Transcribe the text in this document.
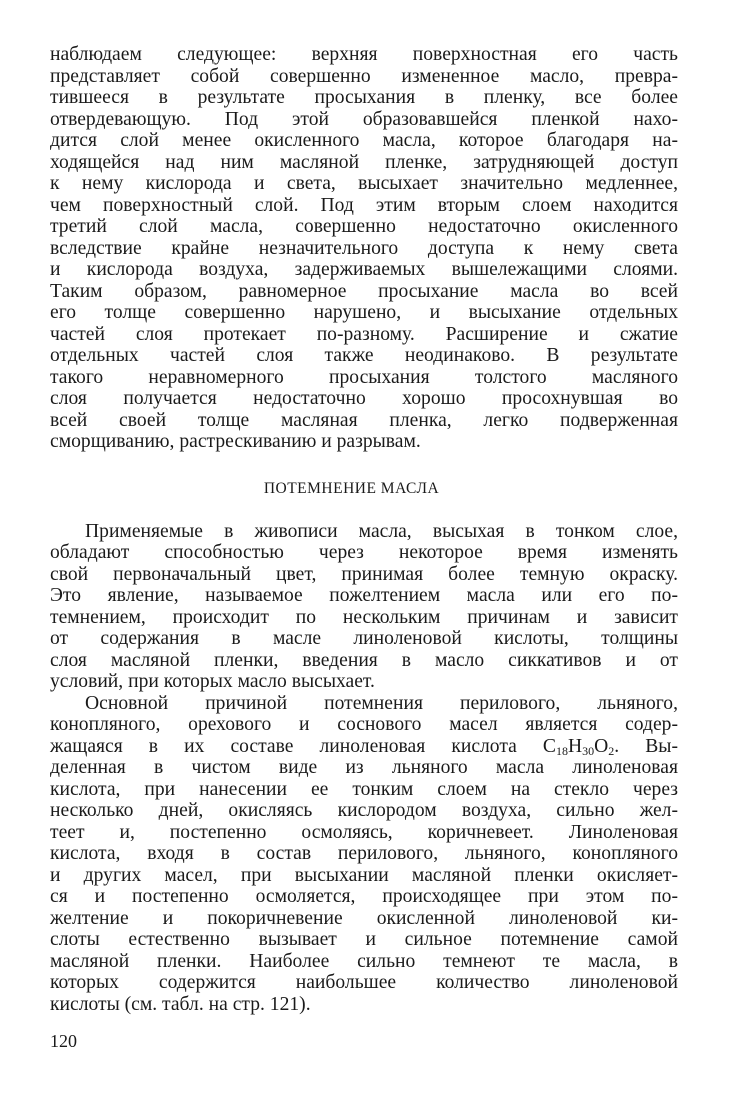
наблюдаем следующее: верхняя поверхностная его часть
представляет собой совершенно измененное масло, превра-
тившееся в результате просыхания в пленку, все более
отвердевающую. Под этой образовавшейся пленкой нахо-
дится слой менее окисленного масла, которое благодаря на-
ходящейся над ним масляной пленке, затрудняющей доступ
к нему кислорода и света, высыхает значительно медленнее,
чем поверхностный слой. Под этим вторым слоем находится
третий слой масла, совершенно недостаточно окисленного
вследствие крайне незначительного доступа к нему света
и кислорода воздуха, задерживаемых вышележащими слоями.
Таким образом, равномерное просыхание масла во всей
его толще совершенно нарушено, и высыхание отдельных
частей слоя протекает по-разному. Расширение и сжатие
отдельных частей слоя также неодинаково. В результате
такого неравномерного просыхания толстого масляного
слоя получается недостаточно хорошо просохнувшая во
всей своей толще масляная пленка, легко подверженная
сморщиванию, растрескиванию и разрывам.

ПОТЕМНЕНИЕ МАСЛА

Применяемые в живописи масла, высыхая в тонком слое,
обладают способностью через некоторое время изменять
свой первоначальный цвет, принимая более темную окраску.
Это явление, называемое пожелтением масла или его по-
темнением, происходит по нескольким причинам и зависит
от содержания в масле линоленовой кислоты, толщины
слоя масляной пленки, введения в масло сиккативов и от
условий, при которых масло высыхает.

Основной причиной потемнения перилового, льняного,
конопляного, орехового и соснового масел является содер-
жащаяся в их составе линоленовая кислота $C_{18}H_{30}O_2$. Вы-
деленная в чистом виде из льняного масла линоленовая
кислота, при нанесении ее тонким слоем на стекло через
несколько дней, окисляясь кислородом воздуха, сильно жел-
теет и, постепенно осмоляясь, коричневеет. Линоленовая
кислота, входя в состав перилового, льняного, конопляного
и других масел, при высыхании масляной пленки окисляет-
ся и постепенно осмоляется, происходящее при этом по-
желтение и покоричневение окисленной линоленовой ки-
слоты естественно вызывает и сильное потемнение самой
масляной пленки. Наиболее сильно темнеют те масла, в
которых содержится наибольшее количество линоленовой
кислоты (см. табл. на стр. 121).

120
